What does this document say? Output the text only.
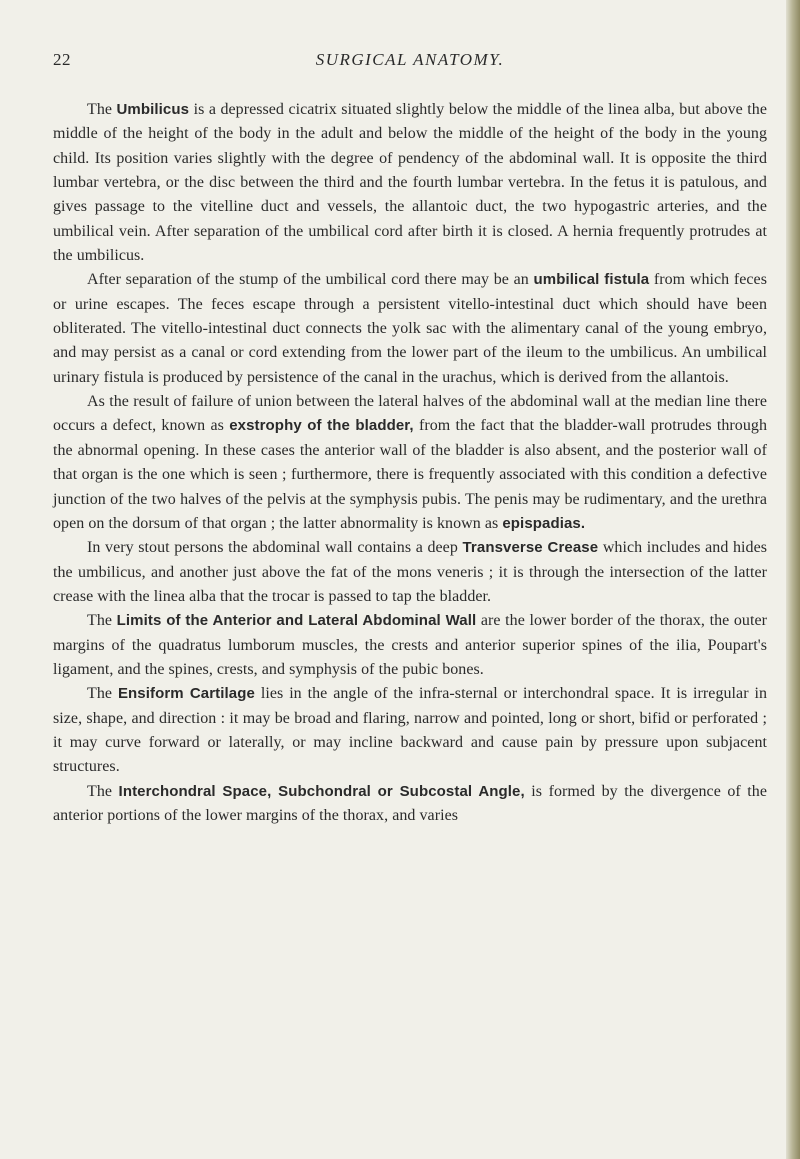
22	SURGICAL ANATOMY.

The Umbilicus is a depressed cicatrix situated slightly below the middle of the linea alba, but above the middle of the height of the body in the adult and below the middle of the height of the body in the young child. Its position varies slightly with the degree of pendency of the abdominal wall. It is opposite the third lumbar vertebra, or the disc between the third and the fourth lumbar vertebra. In the fetus it is patulous, and gives passage to the vitelline duct and vessels, the allantoic duct, the two hypogastric arteries, and the umbilical vein. After separation of the umbilical cord after birth it is closed. A hernia frequently protrudes at the umbilicus.

After separation of the stump of the umbilical cord there may be an umbilical fistula from which feces or urine escapes. The feces escape through a persistent vitello-intestinal duct which should have been obliterated. The vitello-intestinal duct connects the yolk sac with the alimentary canal of the young embryo, and may persist as a canal or cord extending from the lower part of the ileum to the umbilicus. An umbilical urinary fistula is produced by persistence of the canal in the urachus, which is derived from the allantois.

As the result of failure of union between the lateral halves of the abdominal wall at the median line there occurs a defect, known as exstrophy of the bladder, from the fact that the bladder-wall protrudes through the abnormal opening. In these cases the anterior wall of the bladder is also absent, and the posterior wall of that organ is the one which is seen ; furthermore, there is frequently associated with this condition a defective junction of the two halves of the pelvis at the symphysis pubis. The penis may be rudimentary, and the urethra open on the dorsum of that organ ; the latter abnormality is known as epispadias.

In very stout persons the abdominal wall contains a deep Transverse Crease which includes and hides the umbilicus, and another just above the fat of the mons veneris ; it is through the intersection of the latter crease with the linea alba that the trocar is passed to tap the bladder.

The Limits of the Anterior and Lateral Abdominal Wall are the lower border of the thorax, the outer margins of the quadratus lumborum muscles, the crests and anterior superior spines of the ilia, Poupart's ligament, and the spines, crests, and symphysis of the pubic bones.

The Ensiform Cartilage lies in the angle of the infra-sternal or interchondral space. It is irregular in size, shape, and direction : it may be broad and flaring, narrow and pointed, long or short, bifid or perforated ; it may curve forward or laterally, or may incline backward and cause pain by pressure upon subjacent structures.

The Interchondral Space, Subchondral or Subcostal Angle, is formed by the divergence of the anterior portions of the lower margins of the thorax, and varies
